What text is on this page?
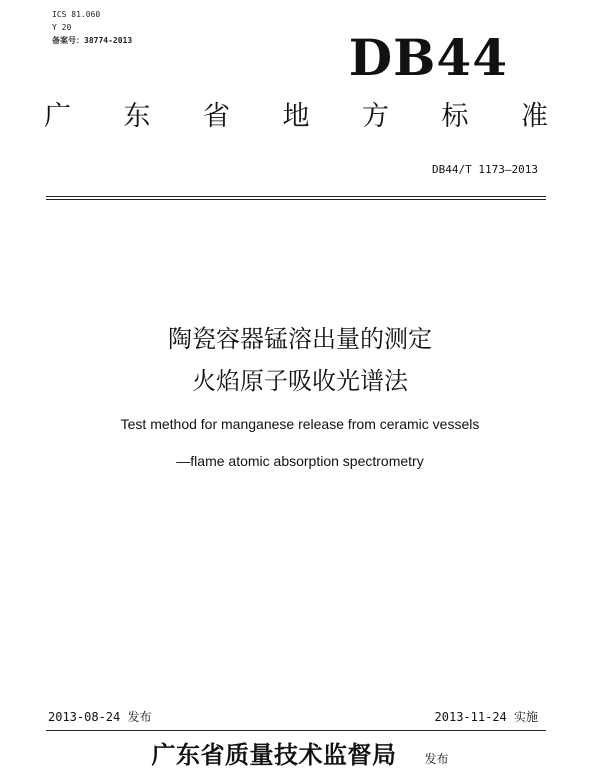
ICS 81.060
Y 20
备案号：38774-2013	DB44
广 东 省 地 方 标 准
DB44/T 1173—2013
陶瓷容器锰溶出量的测定
火焰原子吸收光谱法
Test method for manganese release from ceramic vessels
—flame atomic absorption spectrometry
2013-08-24 发布	2013-11-24 实施
广东省质量技术监督局 发布
